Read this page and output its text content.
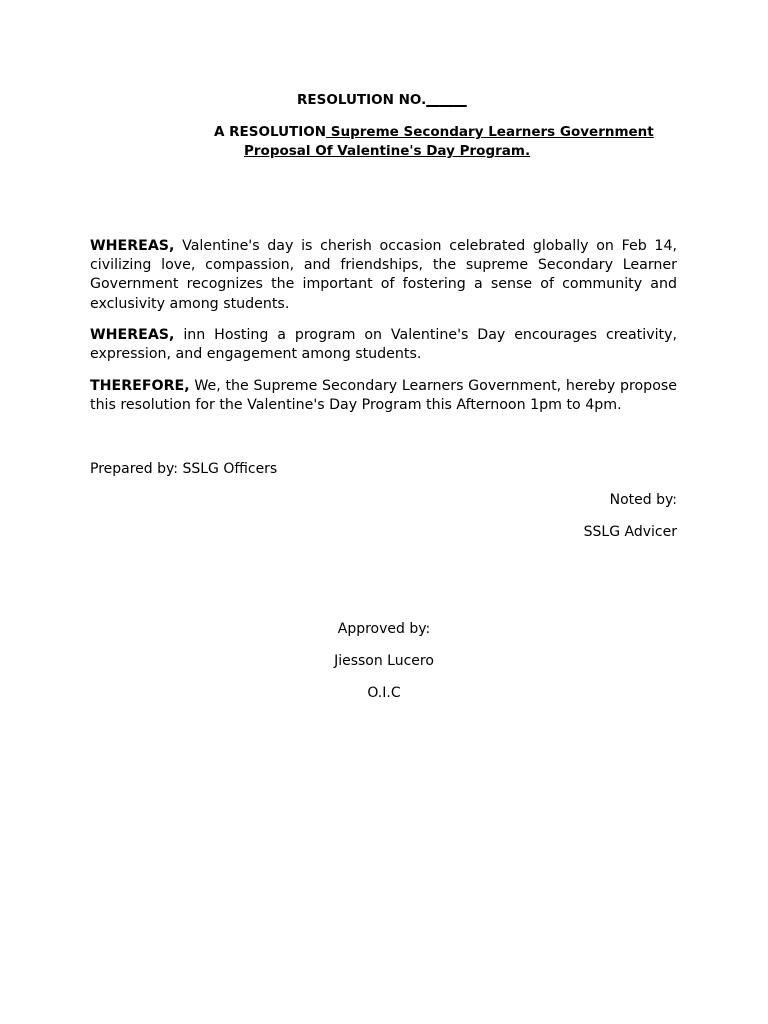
RESOLUTION NO.______
A RESOLUTION Supreme Secondary Learners Government
Proposal Of Valentine's Day Program.
WHEREAS, Valentine's day is cherish occasion celebrated globally on Feb 14, civilizing love, compassion, and friendships, the supreme Secondary Learner Government recognizes the important of fostering a sense of community and exclusivity among students.
WHEREAS, inn Hosting a program on Valentine's Day encourages creativity, expression, and engagement among students.
THEREFORE, We, the Supreme Secondary Learners Government, hereby propose this resolution for the Valentine's Day Program this Afternoon 1pm to 4pm.
Prepared by: SSLG Officers
Noted by:
SSLG Advicer
Approved by:
Jiesson Lucero
O.I.C
